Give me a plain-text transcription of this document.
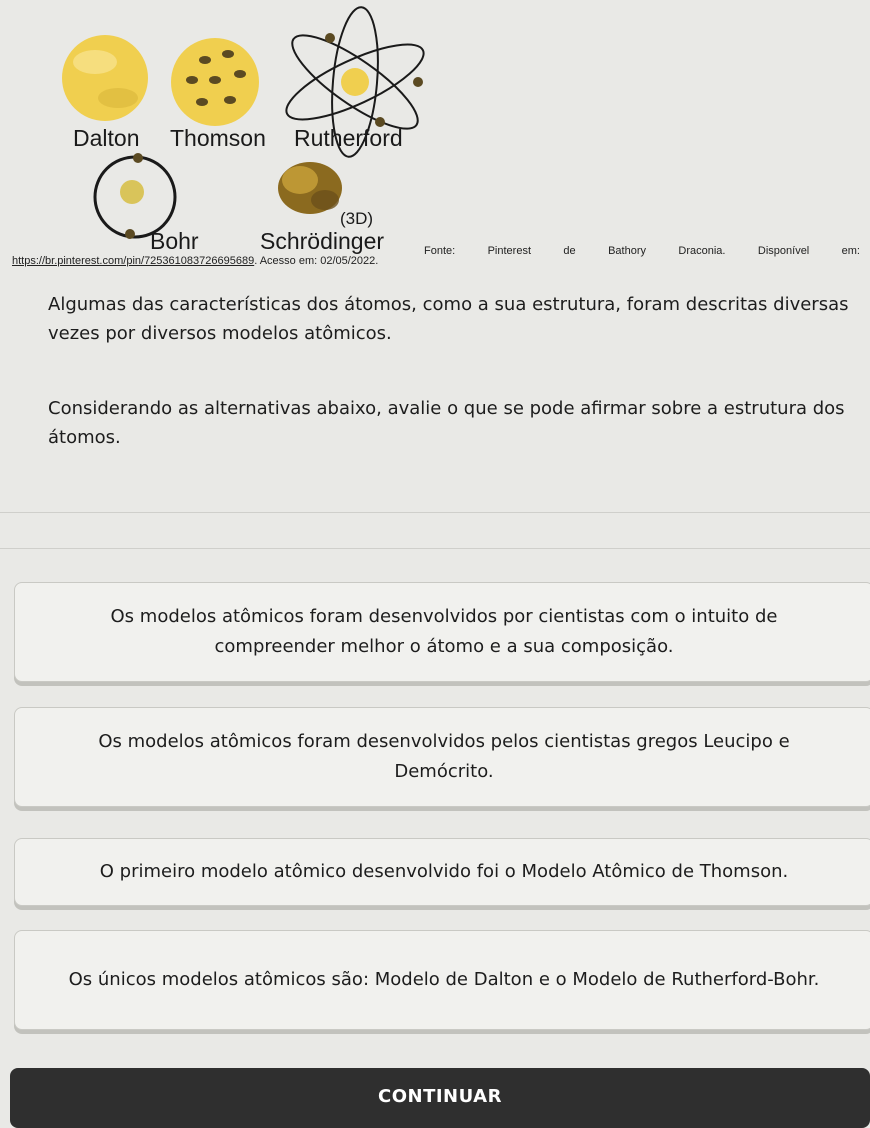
Dalton Thomson Rutherford
(3D)
Bohr	Schrödinger	Fonte:	Pinterest	de	Bathory	Draconia.	Disponível	em:
https://br.pinterest.com/pin/725361083726695689. Acesso em: 02/05/2022.

Algumas das características dos átomos, como a sua estrutura, foram descritas diversas vezes por diversos modelos atômicos.

Considerando as alternativas abaixo, avalie o que se pode afirmar sobre a estrutura dos átomos.

Os modelos atômicos foram desenvolvidos por cientistas com o intuito de compreender melhor o átomo e a sua composição.
Os modelos atômicos foram desenvolvidos pelos cientistas gregos Leucipo e Demócrito.
O primeiro modelo atômico desenvolvido foi o Modelo Atômico de Thomson.
Os únicos modelos atômicos são: Modelo de Dalton e o Modelo de Rutherford-Bohr.
CONTINUAR
